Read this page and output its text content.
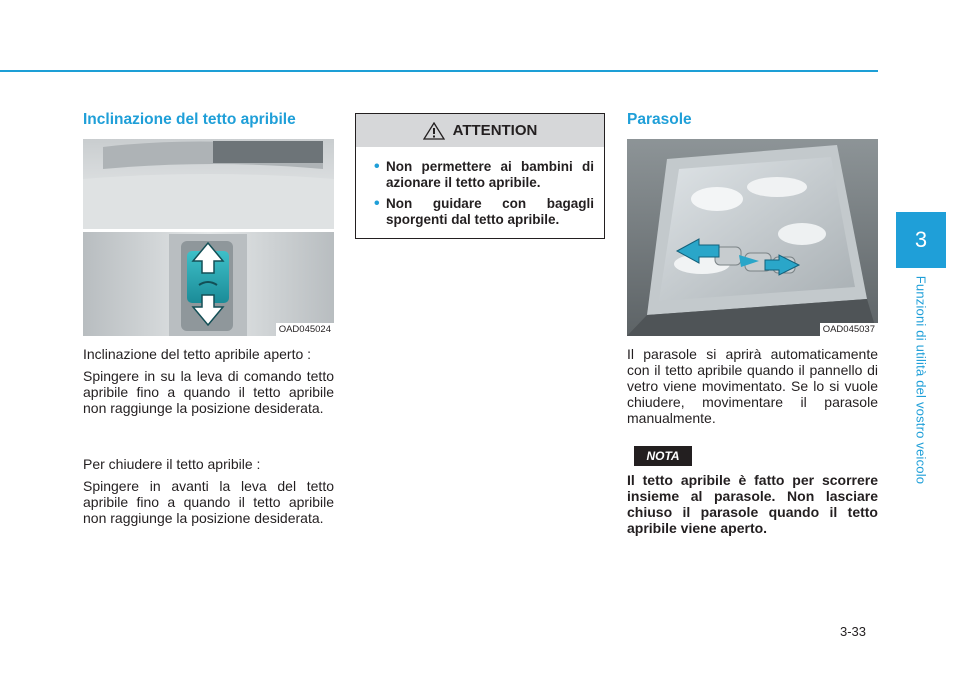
3
Funzioni di utilità del vostro veicolo
Inclinazione del tetto apribile
OAD045024

Inclinazione del tetto apribile aperto :

Spingere in su la leva di comando tetto apribile fino a quando il tetto apribile non raggiunge la posizione desiderata.

Per chiudere il tetto apribile :

Spingere in avanti la leva del tetto apribile fino a quando il tetto apribile non raggiunge la posizione desiderata.

ATTENTION
• Non permettere ai bambini di azionare il tetto apribile.
• Non guidare con bagagli sporgenti dal tetto apribile.
Parasole
OAD045037

Il parasole si aprirà automaticamente con il tetto apribile quando il pannello di vetro viene movimentato. Se lo si vuole chiudere, movimentare il parasole manualmente.

NOTA

Il tetto apribile è fatto per scorrere insieme al parasole. Non lasciare chiuso il parasole quando il tetto apribile viene aperto.

3-33
